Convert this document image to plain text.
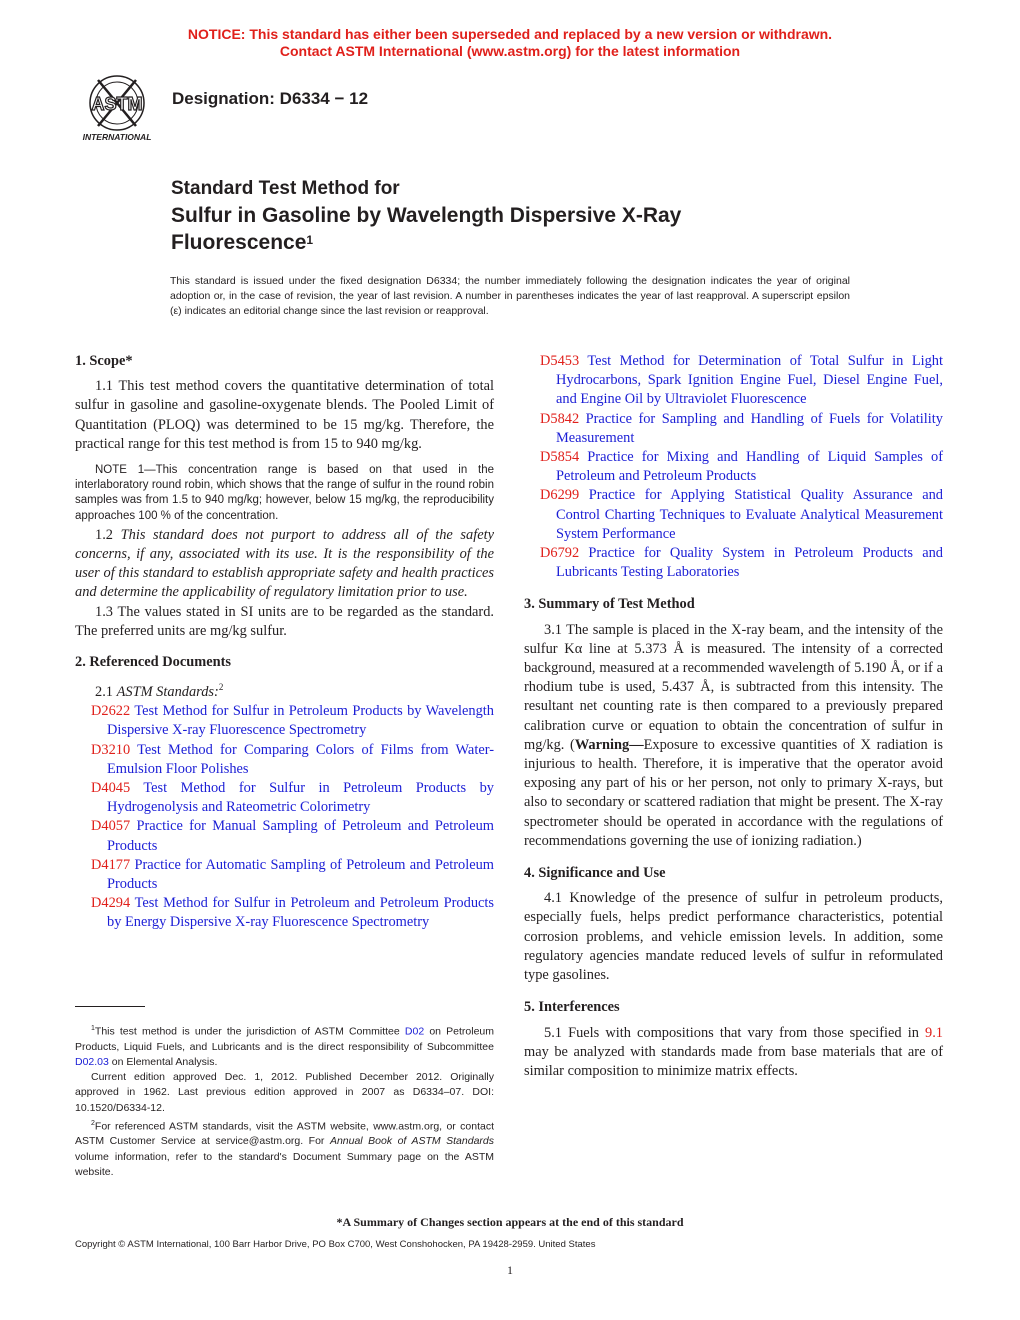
NOTICE: This standard has either been superseded and replaced by a new version or withdrawn.
Contact ASTM International (www.astm.org) for the latest information
ASTM
INTERNATIONAL
Designation: D6334 − 12
Standard Test Method for
Sulfur in Gasoline by Wavelength Dispersive X-Ray
Fluorescence$^1$
This standard is issued under the fixed designation D6334; the number immediately following the designation indicates the year of original adoption or, in the case of revision, the year of last revision. A number in parentheses indicates the year of last reapproval. A superscript epsilon (ε) indicates an editorial change since the last revision or reapproval.

1. Scope*

1.1 This test method covers the quantitative determination of total sulfur in gasoline and gasoline-oxygenate blends. The Pooled Limit of Quantitation (PLOQ) was determined to be 15 mg/kg. Therefore, the practical range for this test method is from 15 to 940 mg/kg.

NOTE 1—This concentration range is based on that used in the interlaboratory round robin, which shows that the range of sulfur in the round robin samples was from 1.5 to 940 mg/kg; however, below 15 mg/kg, the reproducibility approaches 100 % of the concentration.

1.2 This standard does not purport to address all of the safety concerns, if any, associated with its use. It is the responsibility of the user of this standard to establish appropriate safety and health practices and determine the applicability of regulatory limitation prior to use.

1.3 The values stated in SI units are to be regarded as the standard. The preferred units are mg/kg sulfur.

2. Referenced Documents

2.1 ASTM Standards:$^2$

D2622 Test Method for Sulfur in Petroleum Products by Wavelength Dispersive X-ray Fluorescence Spectrometry
D3210 Test Method for Comparing Colors of Films from Water-Emulsion Floor Polishes
D4045 Test Method for Sulfur in Petroleum Products by Hydrogenolysis and Rateometric Colorimetry
D4057 Practice for Manual Sampling of Petroleum and Petroleum Products
D4177 Practice for Automatic Sampling of Petroleum and Petroleum Products
D4294 Test Method for Sulfur in Petroleum and Petroleum Products by Energy Dispersive X-ray Fluorescence Spectrometry

$^1$This test method is under the jurisdiction of ASTM Committee D02 on Petroleum Products, Liquid Fuels, and Lubricants and is the direct responsibility of Subcommittee D02.03 on Elemental Analysis.

Current edition approved Dec. 1, 2012. Published December 2012. Originally approved in 1962. Last previous edition approved in 2007 as D6334–07. DOI: 10.1520/D6334-12.

$^2$For referenced ASTM standards, visit the ASTM website, www.astm.org, or contact ASTM Customer Service at service@astm.org. For Annual Book of ASTM Standards volume information, refer to the standard's Document Summary page on the ASTM website.

D5453 Test Method for Determination of Total Sulfur in Light Hydrocarbons, Spark Ignition Engine Fuel, Diesel Engine Fuel, and Engine Oil by Ultraviolet Fluorescence
D5842 Practice for Sampling and Handling of Fuels for Volatility Measurement
D5854 Practice for Mixing and Handling of Liquid Samples of Petroleum and Petroleum Products
D6299 Practice for Applying Statistical Quality Assurance and Control Charting Techniques to Evaluate Analytical Measurement System Performance
D6792 Practice for Quality System in Petroleum Products and Lubricants Testing Laboratories

3. Summary of Test Method

3.1 The sample is placed in the X-ray beam, and the intensity of the sulfur Kα line at 5.373 Å is measured. The intensity of a corrected background, measured at a recommended wavelength of 5.190 Å, or if a rhodium tube is used, 5.437 Å, is subtracted from this intensity. The resultant net counting rate is then compared to a previously prepared calibration curve or equation to obtain the concentration of sulfur in mg/kg. (Warning—Exposure to excessive quantities of X radiation is injurious to health. Therefore, it is imperative that the operator avoid exposing any part of his or her person, not only to primary X-rays, but also to secondary or scattered radiation that might be present. The X-ray spectrometer should be operated in accordance with the regulations of recommendations governing the use of ionizing radiation.)

4. Significance and Use

4.1 Knowledge of the presence of sulfur in petroleum products, especially fuels, helps predict performance characteristics, potential corrosion problems, and vehicle emission levels. In addition, some regulatory agencies mandate reduced levels of sulfur in reformulated type gasolines.

5. Interferences

5.1 Fuels with compositions that vary from those specified in 9.1 may be analyzed with standards made from base materials that are of similar composition to minimize matrix effects.

*A Summary of Changes section appears at the end of this standard
Copyright © ASTM International, 100 Barr Harbor Drive, PO Box C700, West Conshohocken, PA 19428-2959. United States
1
